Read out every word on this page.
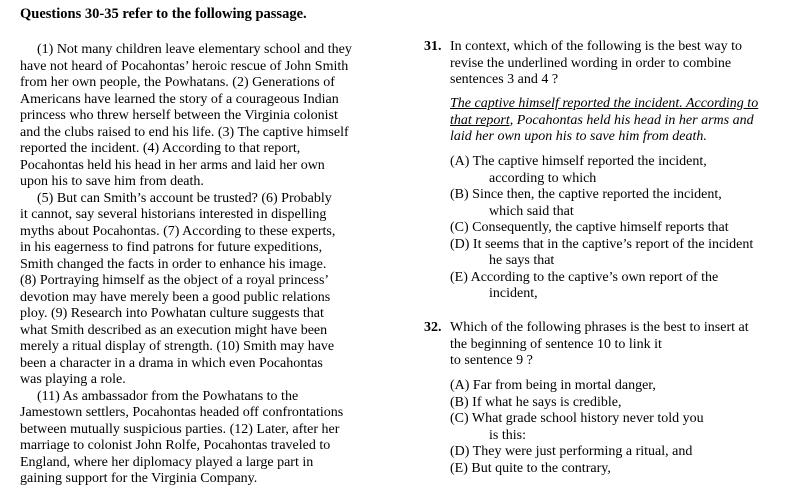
Questions 30-35 refer to the following passage.
(1) Not many children leave elementary school and they
have not heard of Pocahontas’ heroic rescue of John Smith
from her own people, the Powhatans. (2) Generations of
Americans have learned the story of a courageous Indian
princess who threw herself between the Virginia colonist
and the clubs raised to end his life. (3) The captive himself
reported the incident. (4) According to that report,
Pocahontas held his head in her arms and laid her own
upon his to save him from death.
(5) But can Smith’s account be trusted? (6) Probably
it cannot, say several historians interested in dispelling
myths about Pocahontas. (7) According to these experts,
in his eagerness to find patrons for future expeditions,
Smith changed the facts in order to enhance his image.
(8) Portraying himself as the object of a royal princess’
devotion may have merely been a good public relations
ploy. (9) Research into Powhatan culture suggests that
what Smith described as an execution might have been
merely a ritual display of strength. (10) Smith may have
been a character in a drama in which even Pocahontas
was playing a role.
(11) As ambassador from the Powhatans to the
Jamestown settlers, Pocahontas headed off confrontations
between mutually suspicious parties. (12) Later, after her
marriage to colonist John Rolfe, Pocahontas traveled to
England, where her diplomacy played a large part in
gaining support for the Virginia Company.
31. In context, which of the following is the best way to
revise the underlined wording in order to combine
sentences 3 and 4 ?
The captive himself reported the incident. According to
that report, Pocahontas held his head in her arms and
laid her own upon his to save him from death.
(A) The captive himself reported the incident,
according to which
(B) Since then, the captive reported the incident,
which said that
(C) Consequently, the captive himself reports that
(D) It seems that in the captive’s report of the incident
he says that
(E) According to the captive’s own report of the
incident,
32. Which of the following phrases is the best to insert at
the beginning of sentence 10 to link it
to sentence 9 ?
(A) Far from being in mortal danger,
(B) If what he says is credible,
(C) What grade school history never told you
is this:
(D) They were just performing a ritual, and
(E) But quite to the contrary,
